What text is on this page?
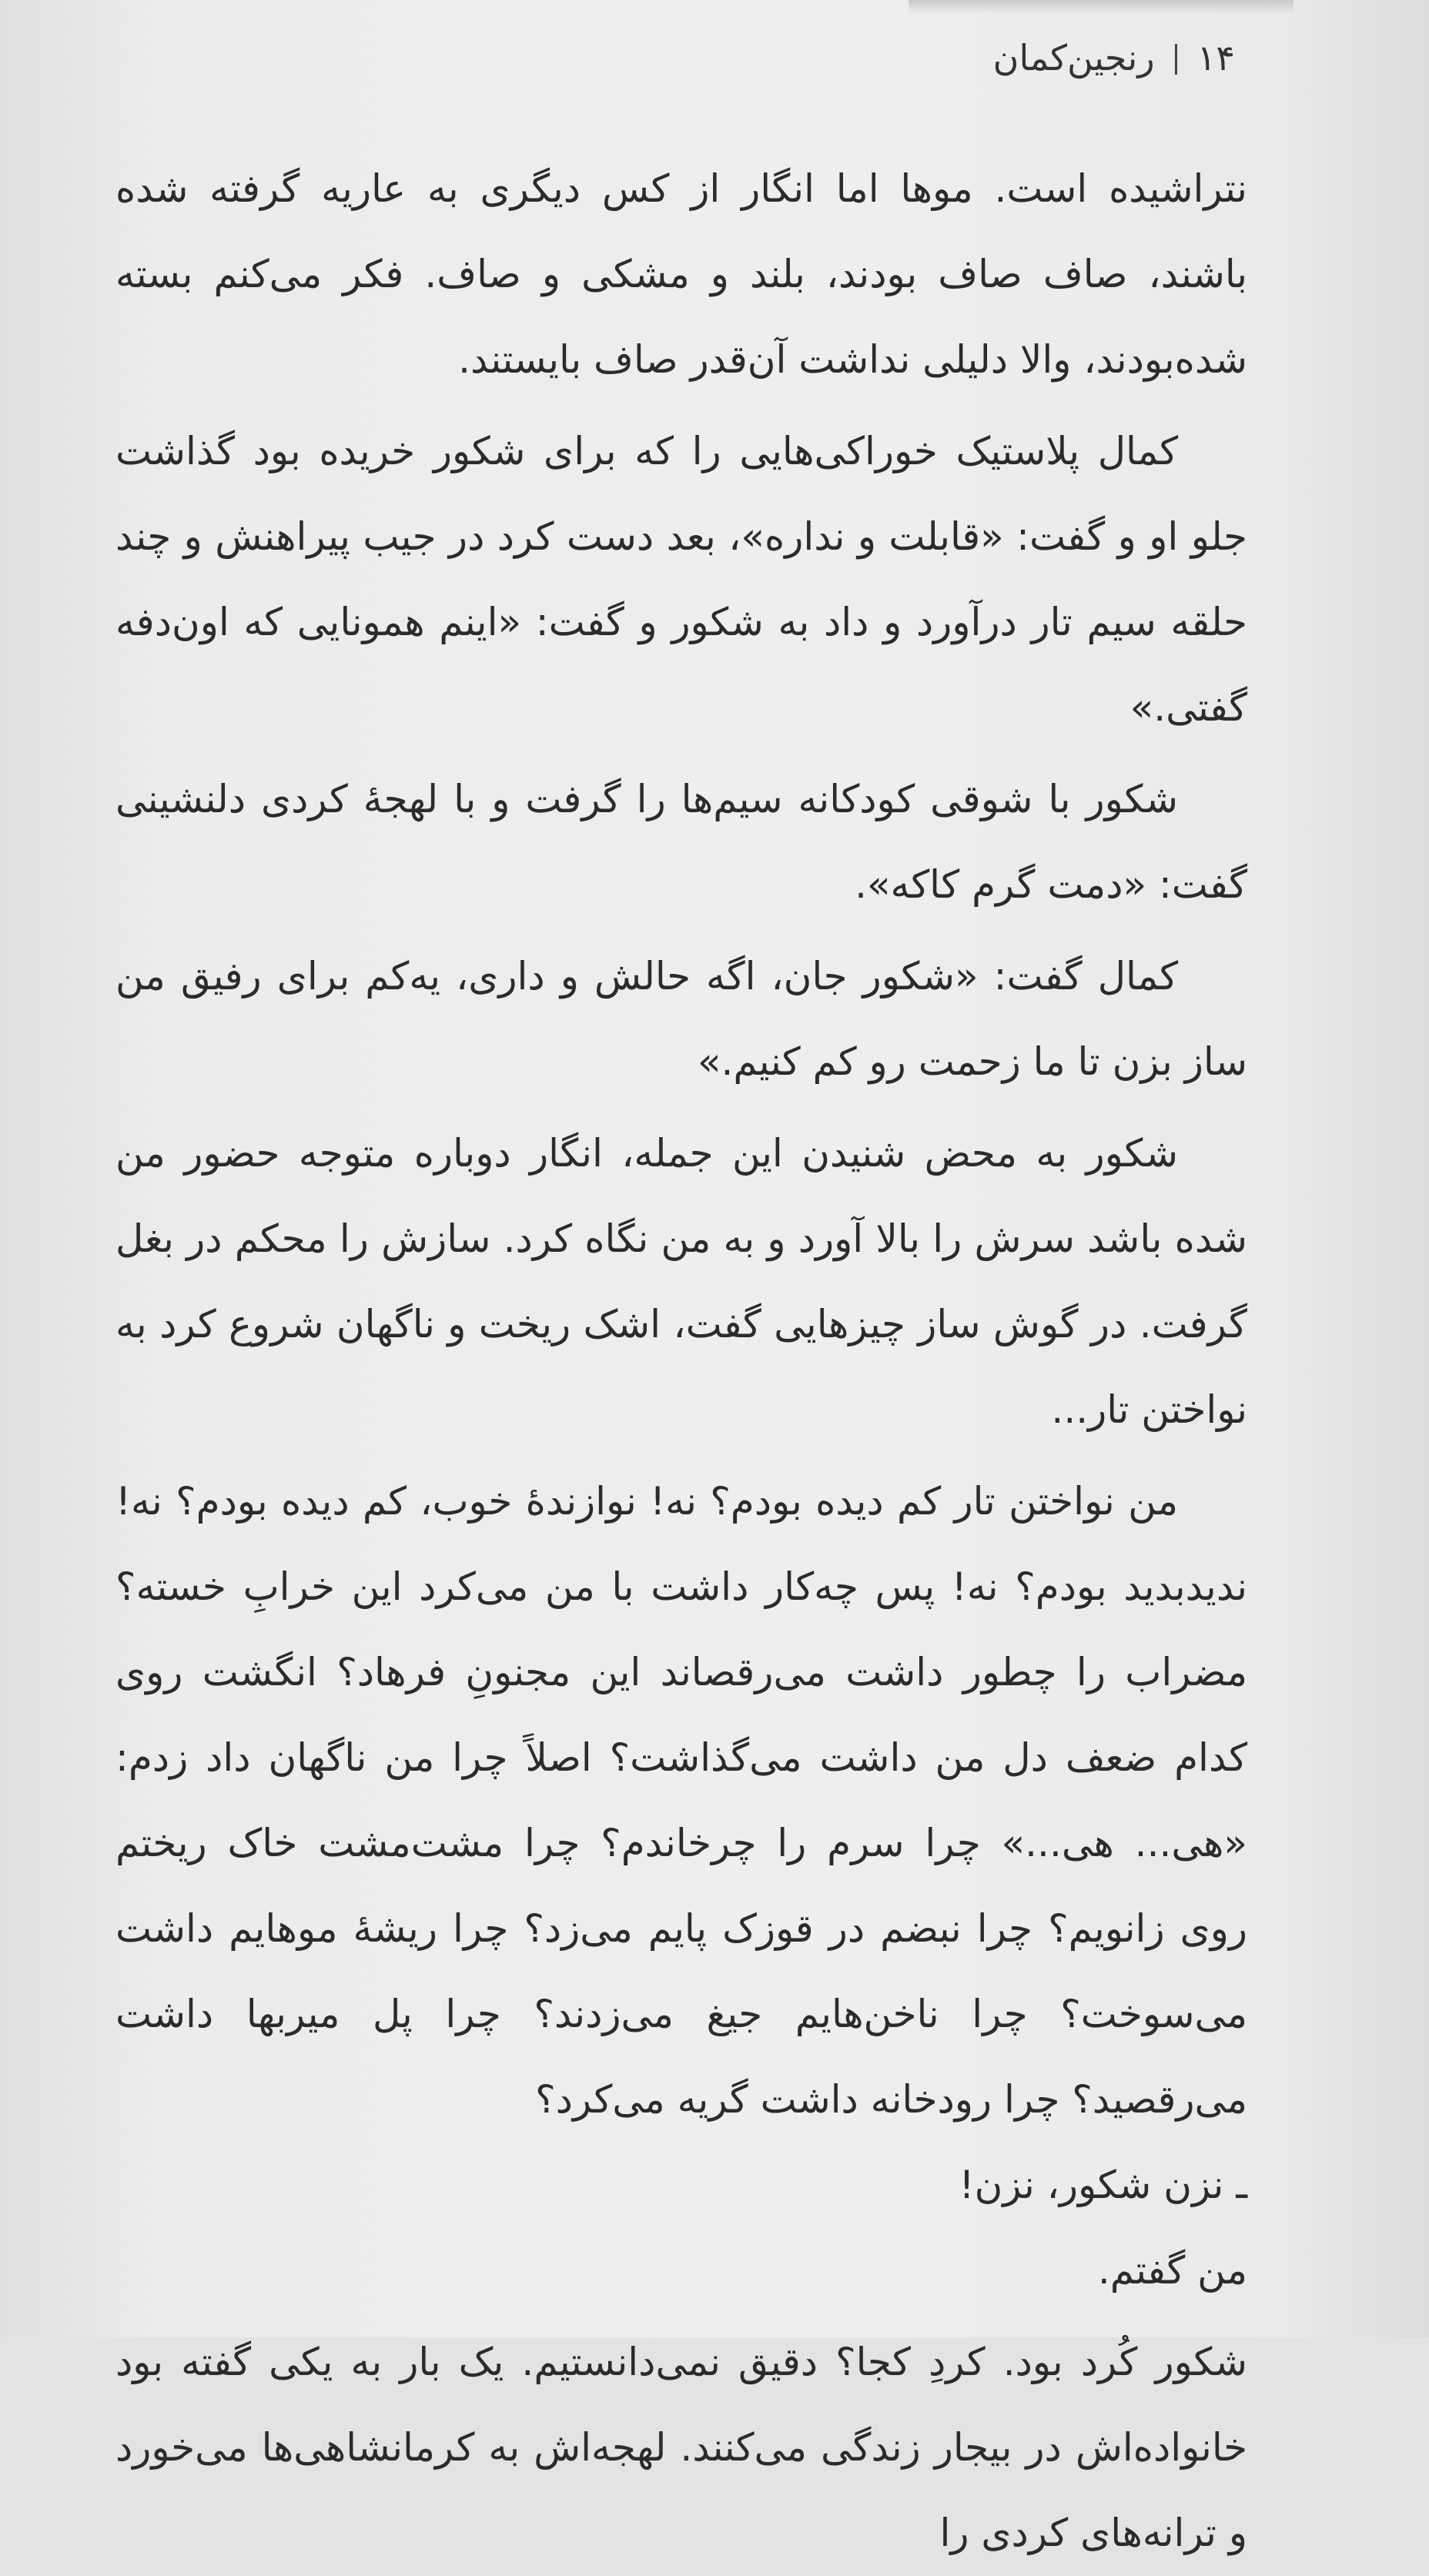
۱۴رنجین‌کمان

نتراشیده است. موها اما انگار از کس دیگری به عاریه گرفته شده باشند، صاف صاف بودند، بلند و مشکی و صاف. فکر می‌کنم بسته شده‌بودند، والا دلیلی نداشت آن‌قدر صاف بایستند.

کمال پلاستیک خوراکی‌هایی را که برای شکور خریده بود گذاشت جلو او و گفت: «قابلت و نداره»، بعد دست کرد در جیب پیراهنش و چند حلقه سیم تار درآورد و داد به شکور و گفت: «اینم همونایی که اون‌دفه گفتی.»

شکور با شوقی کودکانه سیم‌ها را گرفت و با لهجهٔ کردی دلنشینی گفت: «دمت گرم کاکه».

کمال گفت: «شکور جان، اگه حالش و داری، یه‌کم برای رفیق من ساز بزن تا ما زحمت رو کم کنیم.»

شکور به محض شنیدن این جمله، انگار دوباره متوجه حضور من شده باشد سرش را بالا آورد و به من نگاه کرد. سازش را محکم در بغل گرفت. در گوش ساز چیزهایی گفت، اشک ریخت و ناگهان شروع کرد به نواختن تار...

من نواختن تار کم دیده بودم؟ نه! نوازندهٔ خوب، کم دیده بودم؟ نه! ندیدبدید بودم؟ نه! پس چه‌کار داشت با من می‌کرد این خرابِ خسته؟ مضراب را چطور داشت می‌رقصاند این مجنونِ فرهاد؟ انگشت روی کدام ضعف دل من داشت می‌گذاشت؟ اصلاً چرا من ناگهان داد زدم: «هی... هی...» چرا سرم را چرخاندم؟ چرا مشت‌مشت خاک ریختم روی زانویم؟ چرا نبضم در قوزک پایم می‌زد؟ چرا ریشهٔ موهایم داشت می‌سوخت؟ چرا ناخن‌هایم جیغ می‌زدند؟ چرا پل میربها داشت می‌رقصید؟ چرا رودخانه داشت گریه می‌کرد؟

ـ نزن شکور، نزن!

من گفتم.

شکور کُرد بود. کردِ کجا؟ دقیق نمی‌دانستیم. یک بار به یکی گفته بود خانواده‌اش در بیجار زندگی می‌کنند. لهجه‌اش به کرمانشاهی‌ها می‌خورد و ترانه‌های کردی را
